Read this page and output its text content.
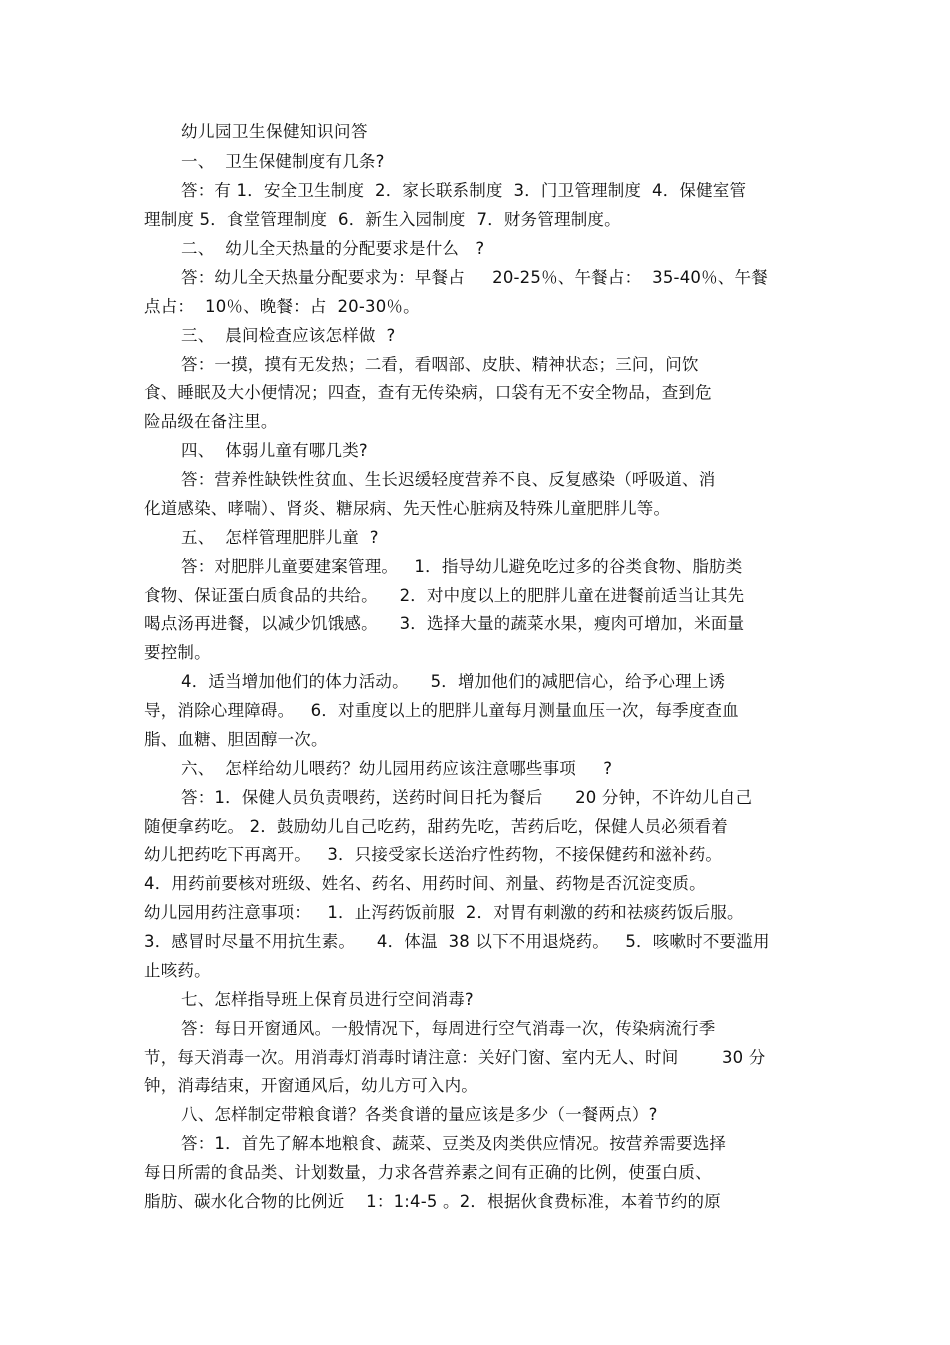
幼儿园卫生保健知识问答
一、  卫生保健制度有几条?
答：有 1．安全卫生制度  2．家长联系制度  3．门卫管理制度  4．保健室管
理制度 5．食堂管理制度  6．新生入园制度  7．财务管理制度。
二、  幼儿全天热量的分配要求是什么   ?
答：幼儿全天热量分配要求为：早餐占     20-25％、午餐占：  35-40％、午餐
点占：  10％、晚餐：占  20-30％。
三、  晨间检查应该怎样做  ?
答：一摸，摸有无发热；二看，看咽部、皮肤、精神状态；三问，问饮
食、睡眠及大小便情况；四查，查有无传染病，口袋有无不安全物品，查到危
险品级在备注里。
四、  体弱儿童有哪几类?
答：营养性缺铁性贫血、生长迟缓轻度营养不良、反复感染（呼吸道、消
化道感染、哮喘）、肾炎、糖尿病、先天性心脏病及特殊儿童肥胖儿等。
五、  怎样管理肥胖儿童  ?
答：对肥胖儿童要建案管理。   1．指导幼儿避免吃过多的谷类食物、脂肪类
食物、保证蛋白质食品的共给。    2．对中度以上的肥胖儿童在进餐前适当让其先
喝点汤再进餐，以减少饥饿感。    3．选择大量的蔬菜水果，瘦肉可增加，米面量
要控制。
4．适当增加他们的体力活动。    5．增加他们的减肥信心，给予心理上诱
导，消除心理障碍。   6．对重度以上的肥胖儿童每月测量血压一次，每季度查血
脂、血糖、胆固醇一次。
六、  怎样给幼儿喂药？幼儿园用药应该注意哪些事项     ?
答：1．保健人员负责喂药，送药时间日托为餐后      20 分钟，不许幼儿自己
随便拿药吃。 2．鼓励幼儿自己吃药，甜药先吃，苦药后吃，保健人员必须看着
幼儿把药吃下再离开。   3．只接受家长送治疗性药物，不接保健药和滋补药。
4．用药前要核对班级、姓名、药名、用药时间、剂量、药物是否沉淀变质。
幼儿园用药注意事项：   1．止泻药饭前服  2．对胃有刺激的药和祛痰药饭后服。
3．感冒时尽量不用抗生素。    4．体温  38 以下不用退烧药。   5．咳嗽时不要滥用
止咳药。
七、怎样指导班上保育员进行空间消毒?
答：每日开窗通风。一般情况下，每周进行空气消毒一次，传染病流行季
节，每天消毒一次。用消毒灯消毒时请注意：关好门窗、室内无人、时间        30 分
钟，消毒结束，开窗通风后，幼儿方可入内。
八、怎样制定带粮食谱？各类食谱的量应该是多少（一餐两点）?
答：1．首先了解本地粮食、蔬菜、豆类及肉类供应情况。按营养需要选择
每日所需的食品类、计划数量，力求各营养素之间有正确的比例，使蛋白质、
脂肪、碳水化合物的比例近    1：1:4-5 。2．根据伙食费标准，本着节约的原
